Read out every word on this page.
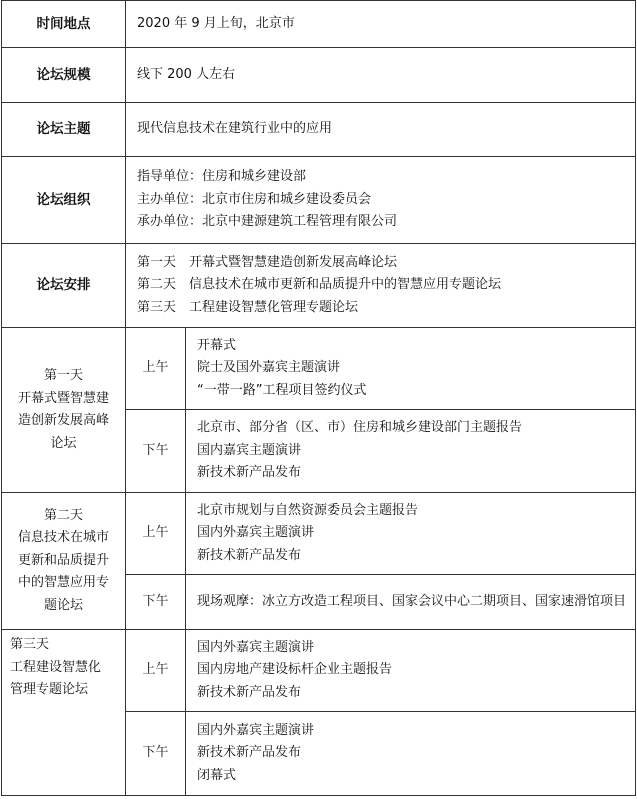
时间地点	2020 年 9 月上旬，北京市	
论坛规模	线下 200 人左右	
论坛主题	现代信息技术在建筑行业中的应用	
论坛组织	指导单位：住房和城乡建设部
主办单位：北京市住房和城乡建设委员会
承办单位：北京中建源建筑工程管理有限公司	

论坛安排	第一天　开幕式暨智慧建造创新发展高峰论坛
第二天　信息技术在城市更新和品质提升中的智慧应用专题论坛
第三天　工程建设智慧化管理专题论坛	

第一天
开幕式暨智慧建
造创新发展高峰
论坛	上午	开幕式
院士及国外嘉宾主题演讲
“一带一路”工程项目签约仪式

	下午	北京市、部分省（区、市）住房和城乡建设部门主题报告
国内嘉宾主题演讲
新技术新产品发布

第二天
信息技术在城市
更新和品质提升
中的智慧应用专
题论坛	上午	北京市规划与自然资源委员会主题报告
国内外嘉宾主题演讲
新技术新产品发布

	下午	现场观摩：冰立方改造工程项目、国家会议中心二期项目、国家速滑馆项目

第三天
工程建设智慧化
管理专题论坛	上午	国内外嘉宾主题演讲
国内房地产建设标杆企业主题报告
新技术新产品发布

	下午	国内外嘉宾主题演讲
新技术新产品发布
闭幕式
